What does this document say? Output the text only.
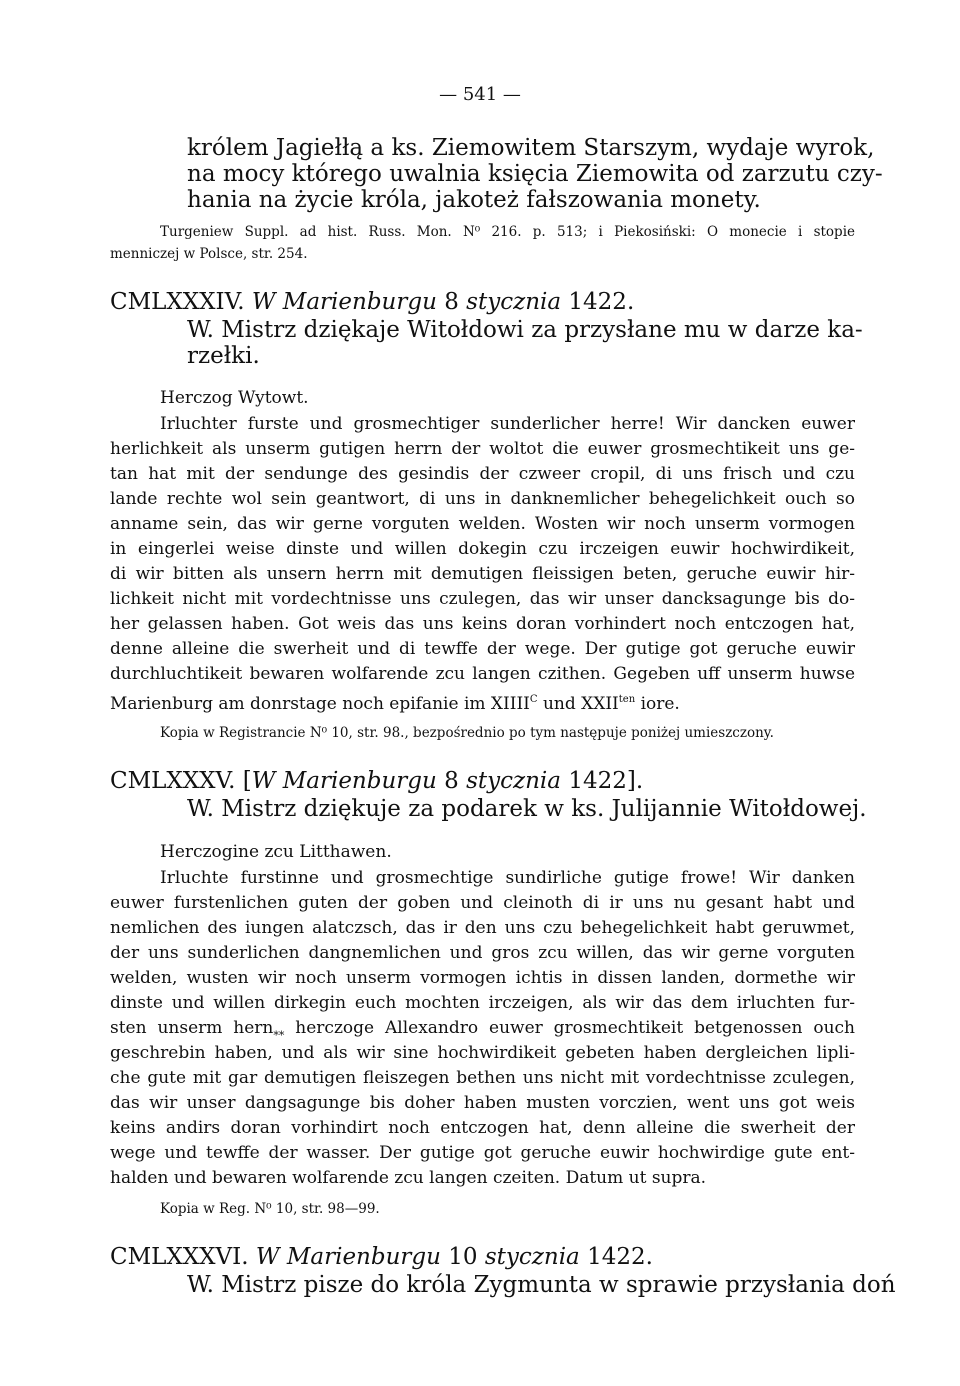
— 541 —
królem Jagiełłą a ks. Ziemowitem Starszym, wydaje wyrok,
na mocy którego uwalnia księcia Ziemowita od zarzutu czy-
hania na życie króla, jakoteż fałszowania monety.
Turgeniew Suppl. ad hist. Russ. Mon. N⁰ 216. p. 513; i Piekosiński: O monecie i stopie
menniczej w Polsce, str. 254.
CMLXXXIV. W Marienburgu 8 stycznia 1422.
W. Mistrz dziękaje Witołdowi za przysłane mu w darze ka-
rzełki.
Herczog Wytowt.
Irluchter furste und grosmechtiger sunderlicher herre! Wir dancken euwer
herlichkeit als unserm gutigen herrn der woltot die euwer grosmechtikeit uns ge-
tan hat mit der sendunge des gesindis der czweer cropil, di uns frisch und czu
lande rechte wol sein geantwort, di uns in danknemlicher behegelichkeit ouch so
anname sein, das wir gerne vorguten welden. Wosten wir noch unserm vormogen
in eingerlei weise dinste und willen dokegin czu irczeigen euwir hochwirdikeit,
di wir bitten als unsern herrn mit demutigen fleissigen beten, geruche euwir hir-
lichkeit nicht mit vordechtnisse uns czulegen, das wir unser dancksagunge bis do-
her gelassen haben. Got weis das uns keins doran vorhindert noch entczogen hat,
denne alleine die swerheit und di tewffe der wege. Der gutige got geruche euwir
durchluchtikeit bewaren wolfarende zcu langen czithen. Gegeben uff unserm huwse
Marienburg am donrstage noch epifanie im $XIIII^C$ und $XXII^{ten}$ iore.
Kopia w Registrancie N⁰ 10, str. 98., bezpośrednio po tym następuje poniżej umieszczony.
CMLXXXV. [W Marienburgu 8 stycznia 1422].
W. Mistrz dziękuje za podarek w ks. Julijannie Witołdowej.
Herczogine zcu Litthawen.
Irluchte furstinne und grosmechtige sundirliche gutige frowe! Wir danken
euwer furstenlichen guten der goben und cleinoth di ir uns nu gesant habt und
nemlichen des iungen alatczsch, das ir den uns czu behegelichkeit habt geruwmet,
der uns sunderlichen dangnemlichen und gros zcu willen, das wir gerne vorguten
welden, wusten wir noch unserm vormogen ichtis in dissen landen, dormethe wir
dinste und willen dirkegin euch mochten irczeigen, als wir das dem irluchten fur-
sten unserm hern$_{**}$ herczoge Allexandro euwer grosmechtikeit betgenossen ouch
geschrebin haben, und als wir sine hochwirdikeit gebeten haben dergleichen lipli-
che gute mit gar demutigen fleiszegen bethen uns nicht mit vordechtnisse zculegen,
das wir unser dangsagunge bis doher haben musten vorczien, went uns got weis
keins andirs doran vorhindirt noch entczogen hat, denn alleine die swerheit der
wege und tewffe der wasser. Der gutige got geruche euwir hochwirdige gute ent-
halden und bewaren wolfarende zcu langen czeiten. Datum ut supra.
Kopia w Reg. N⁰ 10, str. 98—99.
CMLXXXVI. W Marienburgu 10 stycznia 1422.
W. Mistrz pisze do króla Zygmunta w sprawie przysłania doń
